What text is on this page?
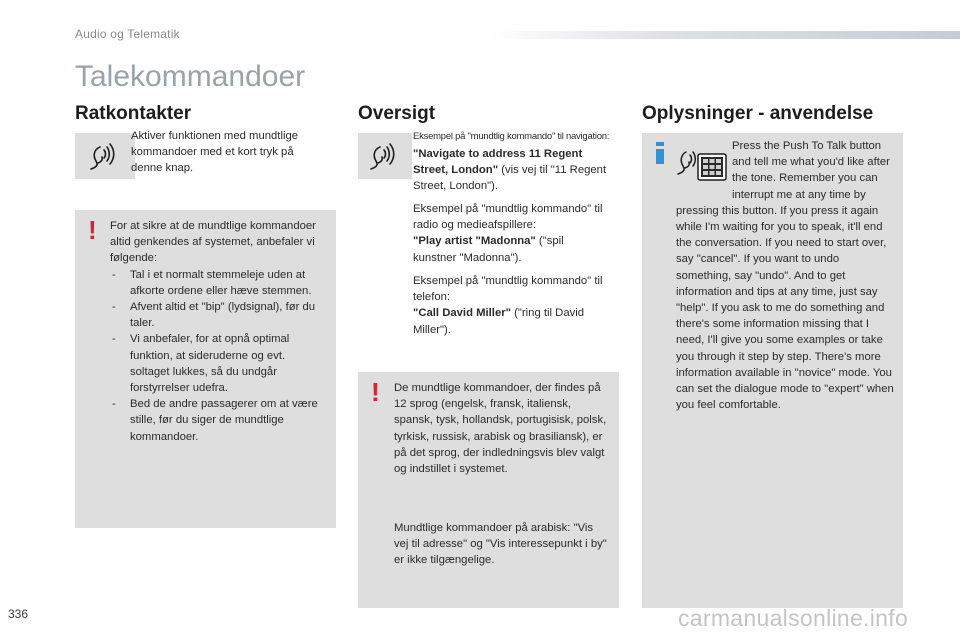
Audio og Telematik
Talekommandoer
Ratkontakter	Oversigt	Oplysninger - anvendelse
Aktiver funktionen med mundtlige kommandoer med et kort tryk på denne knap.
! For at sikre at de mundtlige kommandoer altid genkendes af systemet, anbefaler vi følgende:

- Tal i et normalt stemmeleje uden at afkorte ordene eller hæve stemmen.
- Afvent altid et "bip" (lydsignal), før du taler.
- Vi anbefaler, for at opnå optimal funktion, at sideruderne og evt. soltaget lukkes, så du undgår forstyrrelser udefra.
- Bed de andre passagerer om at være stille, før du siger de mundtlige kommandoer.
Eksempel på "mundtlig kommando" til navigation:
"Navigate to address 11 Regent Street, London" (vis vej til "11 Regent Street, London").

Eksempel på "mundtlig kommando" til radio og medieafspillere:

"Play artist "Madonna" ("spil kunstner "Madonna").

Eksempel på "mundtlig kommando" til telefon:

"Call David Miller" ("ring til David Miller").

! De mundtlige kommandoer, der findes på 12 sprog (engelsk, fransk, italiensk, spansk, tysk, hollandsk, portugisisk, polsk, tyrkisk, russisk, arabisk og brasiliansk), er på det sprog, der indledningsvis blev valgt og indstillet i systemet.
Mundtlige kommandoer på arabisk: "Vis vej til adresse" og "Vis interessepunkt i by" er ikke tilgængelige.
Press the Push To Talk button and tell me what you'd like after the tone. Remember you can interrupt me at any time by pressing this button. If you press it again while I'm waiting for you to speak, it'll end the conversation. If you need to start over, say "cancel". If you want to undo something, say "undo". And to get information and tips at any time, just say "help". If you ask to me do something and there's some information missing that I need, I'll give you some examples or take you through it step by step. There's more information available in "novice" mode. You can set the dialogue mode to "expert" when you feel comfortable.
336	carmanualsonline.info
